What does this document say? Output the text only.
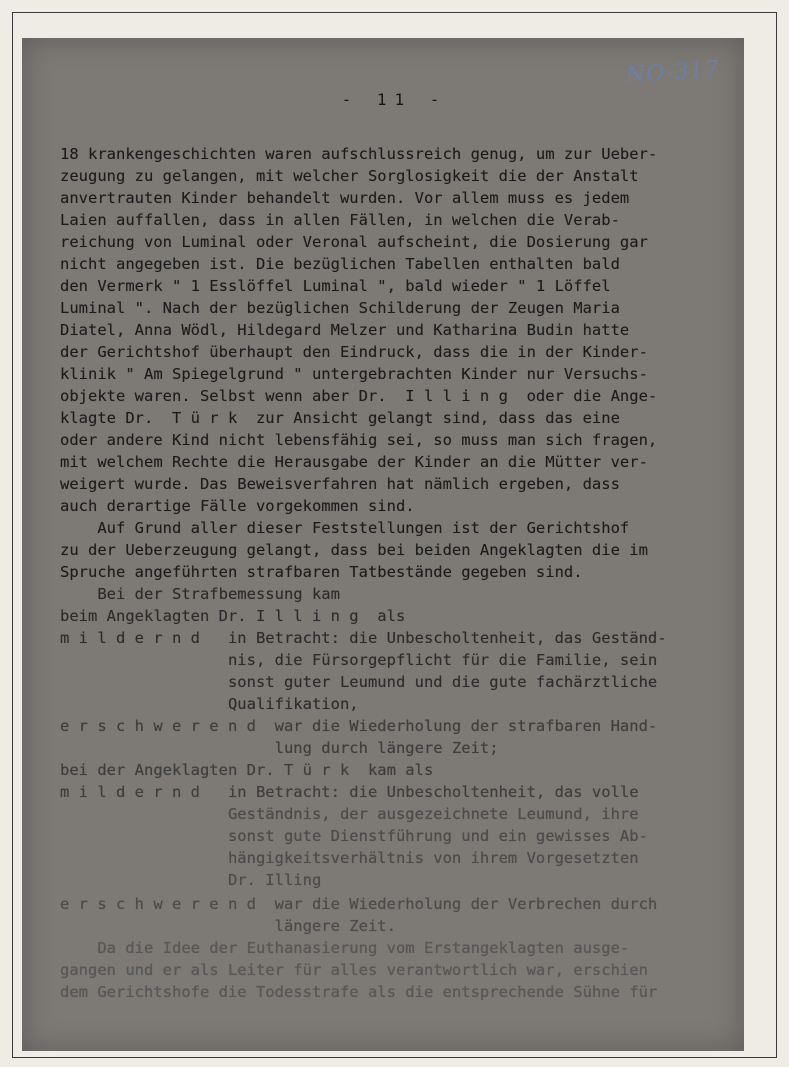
NO-317
- 11 -
18 krankengeschichten waren aufschlussreich genug, um zur Ueber-
zeugung zu gelangen, mit welcher Sorglosigkeit die der Anstalt
anvertrauten Kinder behandelt wurden. Vor allem muss es jedem
Laien auffallen, dass in allen Fällen, in welchen die Verab-
reichung von Luminal oder Veronal aufscheint, die Dosierung gar
nicht angegeben ist. Die bezüglichen Tabellen enthalten bald
den Vermerk " 1 Esslöffel Luminal ", bald wieder " 1 Löffel
Luminal ". Nach der bezüglichen Schilderung der Zeugen Maria
Diatel, Anna Wödl, Hildegard Melzer und Katharina Budin hatte
der Gerichtshof überhaupt den Eindruck, dass die in der Kinder-
klinik " Am Spiegelgrund " untergebrachten Kinder nur Versuchs-
objekte waren. Selbst wenn aber Dr.  I l l i n g  oder die Ange-
klagte Dr.  T ü r k  zur Ansicht gelangt sind, dass das eine
oder andere Kind nicht lebensfähig sei, so muss man sich fragen,
mit welchem Rechte die Herausgabe der Kinder an die Mütter ver-
weigert wurde. Das Beweisverfahren hat nämlich ergeben, dass
auch derartige Fälle vorgekommen sind.
Auf Grund aller dieser Feststellungen ist der Gerichtshof
zu der Ueberzeugung gelangt, dass bei beiden Angeklagten die im
Spruche angeführten strafbaren Tatbestände gegeben sind.
Bei der Strafbemessung kam
beim Angeklagten Dr. I l l i n g  als
m i l d e r n d   in Betracht: die Unbescholtenheit, das Geständ-
nis, die Fürsorgepflicht für die Familie, sein
sonst guter Leumund und die gute fachärztliche
Qualifikation,
e r s c h w e r e n d  war die Wiederholung der strafbaren Hand-
lung durch längere Zeit;
bei der Angeklagten Dr. T ü r k  kam als
m i l d e r n d   in Betracht: die Unbescholtenheit, das volle
Geständnis, der ausgezeichnete Leumund, ihre
sonst gute Dienstführung und ein gewisses Ab-
hängigkeitsverhältnis von ihrem Vorgesetzten
Dr. Illing
e r s c h w e r e n d  war die Wiederholung der Verbrechen durch
längere Zeit.
Da die Idee der Euthanasierung vom Erstangeklagten ausge-
gangen und er als Leiter für alles verantwortlich war, erschien
dem Gerichtshofe die Todesstrafe als die entsprechende Sühne für
